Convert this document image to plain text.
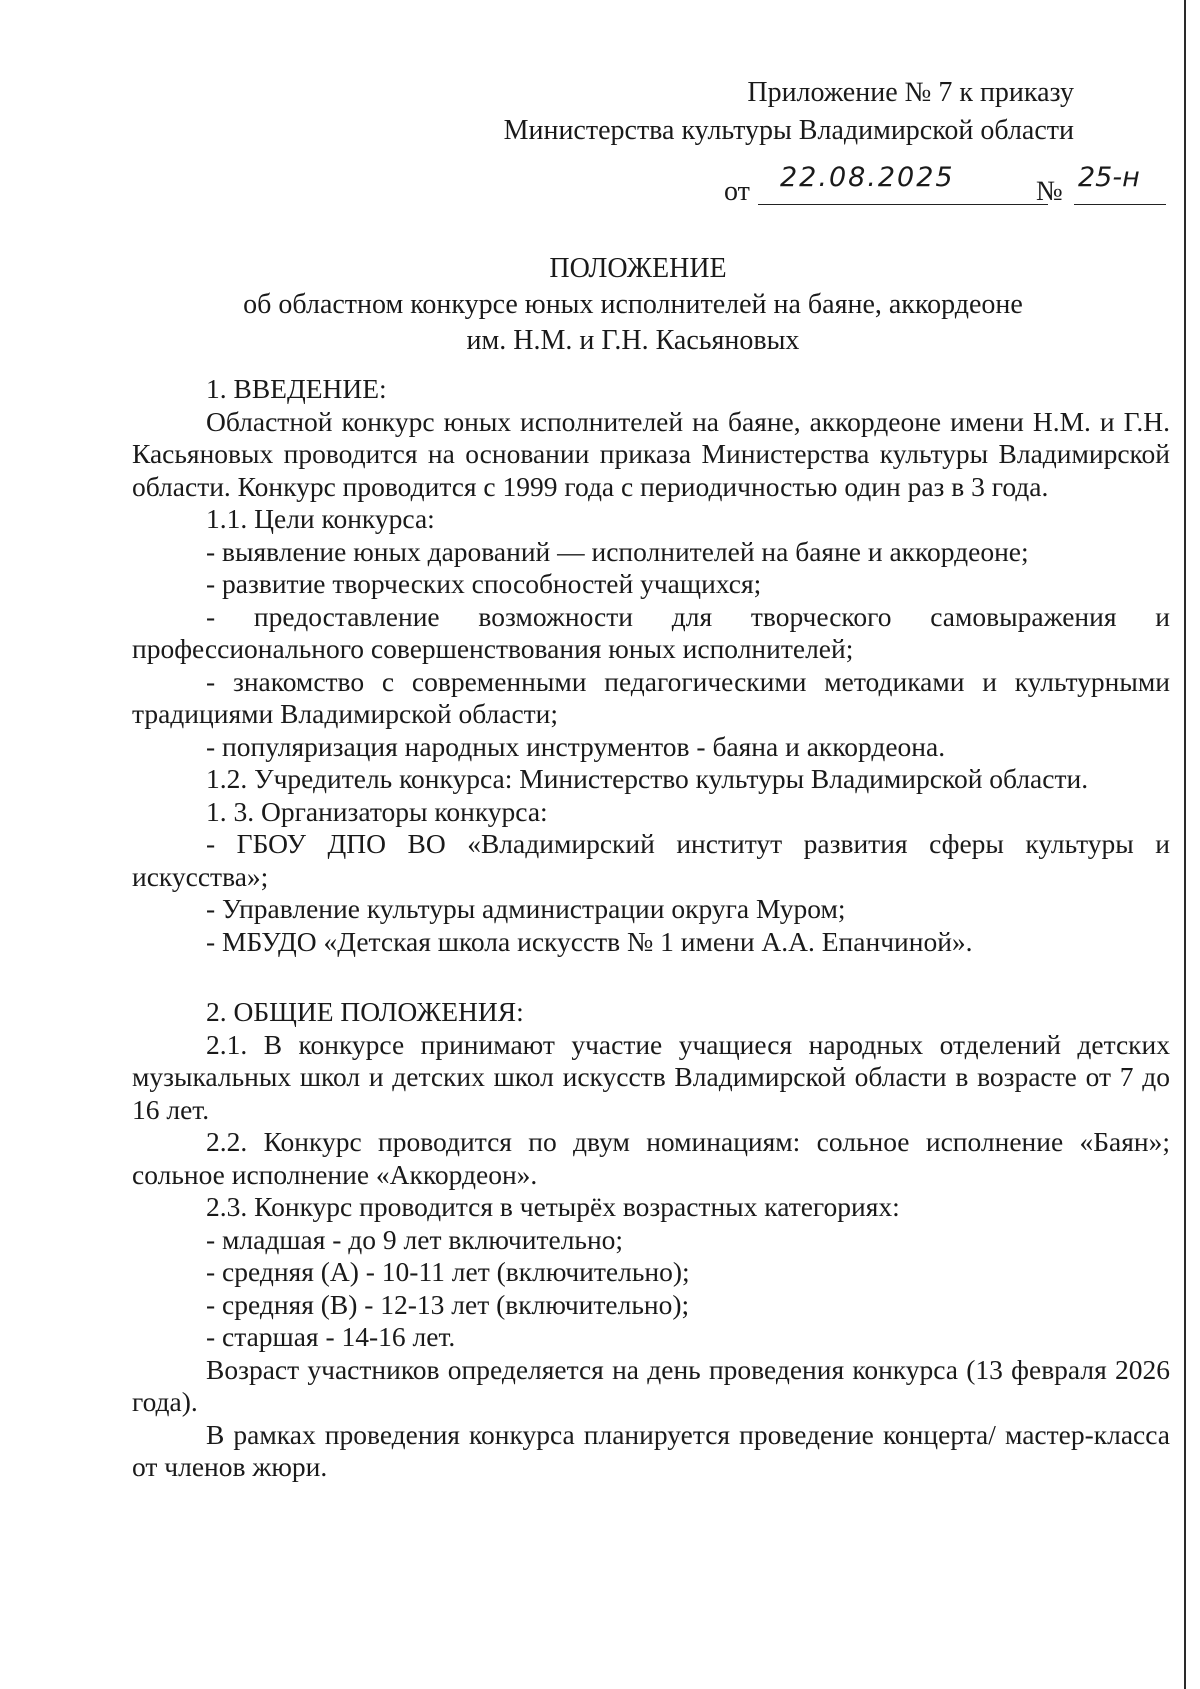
Приложение № 7 к приказу
Министерства культуры Владимирской области
от 22.08.2025	№ 25-н
ПОЛОЖЕНИЕ
об областном конкурсе юных исполнителей на баяне, аккордеоне
им. Н.М. и Г.Н. Касьяновых

1. ВВЕДЕНИЕ:

Областной конкурс юных исполнителей на баяне, аккордеоне имени Н.М. и Г.Н. Касьяновых проводится на основании приказа Министерства культуры Владимирской области. Конкурс проводится с 1999 года с периодичностью один раз в 3 года.

1.1. Цели конкурса:

- выявление юных дарований — исполнителей на баяне и аккордеоне;

- развитие творческих способностей учащихся;

- предоставление возможности для творческого самовыражения и профессионального совершенствования юных исполнителей;

- знакомство с современными педагогическими методиками и культурными традициями Владимирской области;

- популяризация народных инструментов - баяна и аккордеона.

1.2. Учредитель конкурса: Министерство культуры Владимирской области.

1. 3. Организаторы конкурса:

- ГБОУ ДПО ВО «Владимирский институт развития сферы культуры и искусства»;

- Управление культуры администрации округа Муром;

- МБУДО «Детская школа искусств № 1 имени А.А. Епанчиной».

2. ОБЩИЕ ПОЛОЖЕНИЯ:

2.1. В конкурсе принимают участие учащиеся народных отделений детских музыкальных школ и детских школ искусств Владимирской области в возрасте от 7 до 16 лет.

2.2. Конкурс проводится по двум номинациям: сольное исполнение «Баян»; сольное исполнение «Аккордеон».

2.3. Конкурс проводится в четырёх возрастных категориях:

- младшая - до 9 лет включительно;

- средняя (А) - 10-11 лет (включительно);

- средняя (В) - 12-13 лет (включительно);

- старшая - 14-16 лет.

Возраст участников определяется на день проведения конкурса (13 февраля 2026 года).

В рамках проведения конкурса планируется проведение концерта/ мастер-класса от членов жюри.
